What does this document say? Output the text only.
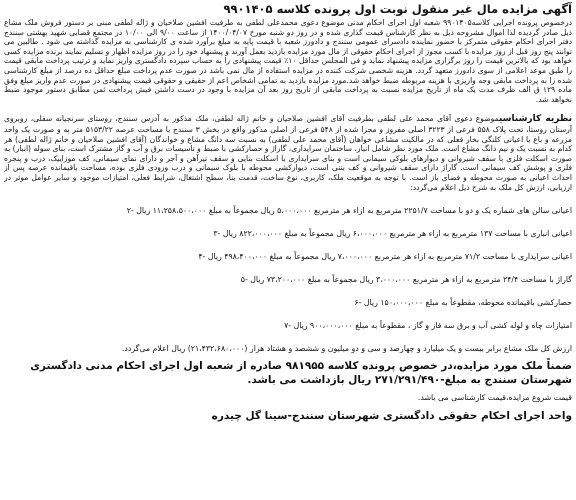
آگهی مزایده مال غیر منقول نوبت اول پرونده کلاسه ۹۹۰۱۴۰۵

درخصوص پرونده اجرایی کلاسه۹۹۰۱۴۰۵ شعبه اول اجرای احکام مدنی موضوع دعوی محمدعلی لطفی به طرفیت افشین صلاحیان و ژاله لطفی مبنی بر دستور فروش ملک مشاع ذیل صادر گردیده لذا اموال مشروحه ذیل به نظر کارشناس قیمت گذاری شده و در روز دو شنبه مورخ ۱۴۰۰/۰۴/۰۷ از ساعت ۹/۰۰ الی ۱۰/۰۰ در مجتمع قضایی شهید بهشتی سنندج دفتر اجرای احکام حقوقی متمرکز با حضور نماینده دادسرای عمومی سنندج و دادورز شعبه با قیمت پایه به مبلغ برآورد شده ی کارشناسی به مزایده گذاشته می شود . طالبین می توانند پنج روز قبل از روز مزایده با کسب مجوز از اجرای احکام حقوقی از مال مورد مزایده بازدید بعمل آورند و پیشنهاد خود را در روز مزایده اظهار و تسلیم نمایند برنده مزایده کسی خواهد بود که بالاترین قیمت را روز برگزاری مزایده پیشنهاد نماید و فی المجلس حداقل ۱۰٪ قیمت پیشنهادی را به حساب سپرده دادگستری واریز نماید و ترتیب پرداخت مابقی قیمت را طبق موعد اعلامی از سوی دادورز متعهد گردد. هزینه شخصی شرکت کننده در مزایده استفاده از مال نمی باشد در صورت عدم پرداخت مبلغ حداقل ده درصد از مبلغ کارشناسی شده را به پرداخت مابقی وجه واریزی با هزینه مربوطه ضبط خواهد شد.مورد مزایده بازدید به تمامی اشخاص اعم از حقیقی و حقوقی قیمت پیشنهادی در صورت عدم واریز مبلغ وفق ماده ۱۲۹ ق الف ظرف مدت یک ماه از تاریخ مزایده نسبت به پرداخت مابقی از تاریخ روز بعد آن مزایده با وجود در دست داشتن فیش پرداخت ثمن مطابق دستور موجود ضبط نخواهد شد.

نظریه کارشناسیموضوع دعوی آقای محمد علی لطفی بطرفیت آقای افشین صلاحیان و خانم ژاله لطفی، ملک مذکور به آدرس سنندج، روستای سرنجیانه سفلی، روبروی آرستان روستا، تحت پلاک ۵۵۸ فرعی از ۳۲۲۳ اصلی مفروز و مجزا شده از ۵۴۸ فرعی از اصلی مذکور واقع در بخش ۳ سنندج با مساحت عرصه ۵۱۵۳/۲۲ متر به و صورت یک واحد مزرعه و باغ با اعیانی کلنگی بخار فعلی که در مالکیت مشاعی خواهان (آقای محمد علی لطفی) به نسبت سه دانگ مشاع و خواندگان (آقای افشین صلاحیان و خانم ژاله لطفی) هر کدام به نسبت یک و نیم دانگ مشاع است. ملک مورد نظر شامل انبار، ساختمان سرایداری، گاراژ و حصارکشی با ضبط و تاسیسات برق و آب و گاز مشترک است، بنای سوله (انبار) به صورت اسکلت فلزی با سقف شیروانی و دیوارهای بلوکی سیمانی است و بنای سرایداری با اسکلت بنایی و سقف تیرآهن و آجر و دارای نمای سیمانی، کف موزاییک، درب و پنجره فلزی و پوشش کف سیمانی است. گاراژ دارای سقف شیروانی و کف بتنی است، دیوارکشی محوطه با بلوک سیمانی و درب ورودی فلزی بوده، مساحت باقیمانده عرصه پس از احداث اعیانی به صورت محوطه و فضای باز است. با توجه به موقعیت ملک، کاربری، نوع ساخت، قدمت بنا، سطح اشتغال، شرایط فعلی، امتیازات موجود و سایر عوامل موثر در ارزیابی، ارزش کل ملک به شرح ذیل اعلام می‌گردد:

اعیانی سالن های شماره یک و دو با مساحت ۲۲۵۱/۷ مترمربع به ازاء هر مترمربع ۵،۰۰۰،۰۰۰ ریال مجموعاً به مبلغ ۱۱،۲۵۸،۵۰۰،۰۰۰ ریال -۲

اعیانی انباری با مساحت ۱۳۷ مترمربع به ازاء هر مترمربع ۶،۰۰۰،۰۰۰ ریال مجموعاً به مبلغ ۸۲۲،۰۰۰،۰۰۰ ریال -۳

اعیانی سرایداری با مساحت ۷۱/۲ مترمربع به ازاء هر مترمربع ۷،۰۰۰،۰۰۰ ریال مجموعاً به مبلغ ۴۹۸،۴۰۰،۰۰۰ ریال -۴

گاراژ با مساحت ۲۴/۴ مترمربع به ازاء هر مترمربع ۳،۰۰۰،۰۰۰ ریال مجموعاً به مبلغ ۷۳،۲۰۰،۰۰۰ ریال -۵

حصارکشی باقیمانده محوطه، مقطوعاً به مبلغ ۱۵۰،۰۰۰،۰۰۰ ریال -۶

امتیازات چاه و لوله کشی آب و برق سه فاز و گاز ، مقطوعاً به مبلغ ۹۰۰،۰۰۰،۰۰۰ ریال -۷

ارزش کل ملک مشاع برابر بیست و یک میلیارد و چهارصد و سی و دو میلیون و ششصد و هشتاد هزار (۲۱،۴۳۲،۶۸۰،۰۰۰) ریال اعلام می‌گردد.

ضمناً ملک مورد مزایده،در خصوص پرونده کلاسه ۹۸۱۹۵۵ صادره از شعبه اول اجرای احکام مدنی دادگستری شهرستان سنندج به مبلغ-۲۷۱/۲۹۱/۴۹۰ ریال بازداشت می باشد.

قیمت شروع مزایده،قیمت کارشناسی می باشد.

واحد اجرای احکام حقوقی دادگستری شهرستان سنندج-سینا گل چیدره
